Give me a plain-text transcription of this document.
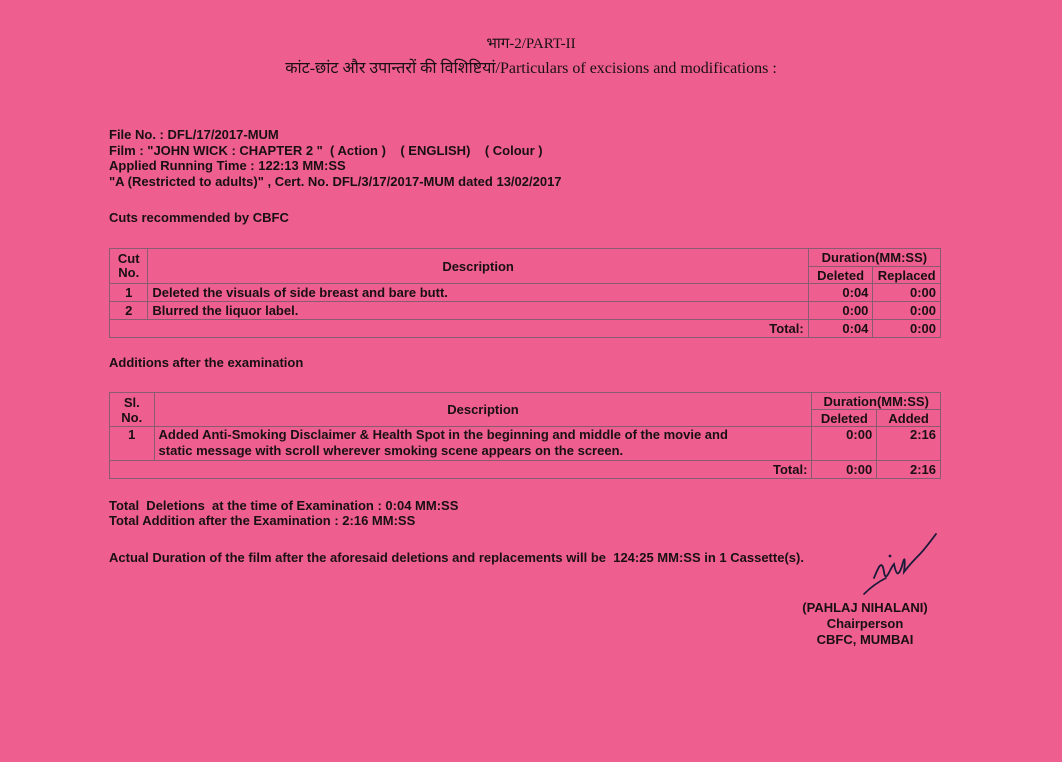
भाग-2/PART-II
कांट-छांट और उपान्तरों की विशिष्टियां/Particulars of excisions and modifications :
File No. : DFL/17/2017-MUM
Film : "JOHN WICK : CHAPTER 2 "  ( Action )    ( ENGLISH)    ( Colour )
Applied Running Time : 122:13 MM:SS
"A (Restricted to adults)" , Cert. No. DFL/3/17/2017-MUM dated 13/02/2017
Cuts recommended by CBFC
Cut No.	Description	Duration(MM:SS)	
		Deleted	Replaced
1	Deleted the visuals of side breast and bare butt.	0:04	0:00
2	Blurred the liquor label.	0:00	0:00
Total:		0:04	0:00
Additions after the examination
Sl. No.	Description	Duration(MM:SS)	
		Deleted	Added
1	Added Anti-Smoking Disclaimer & Health Spot in the beginning and middle of the movie and
static message with scroll wherever smoking scene appears on the screen.	0:00	2:16
Total:		0:00	2:16
Total  Deletions  at the time of Examination : 0:04 MM:SS
Total Addition after the Examination : 2:16 MM:SS
Actual Duration of the film after the aforesaid deletions and replacements will be  124:25 MM:SS in 1 Cassette(s).
(PAHLAJ NIHALANI)
Chairperson
CBFC, MUMBAI
